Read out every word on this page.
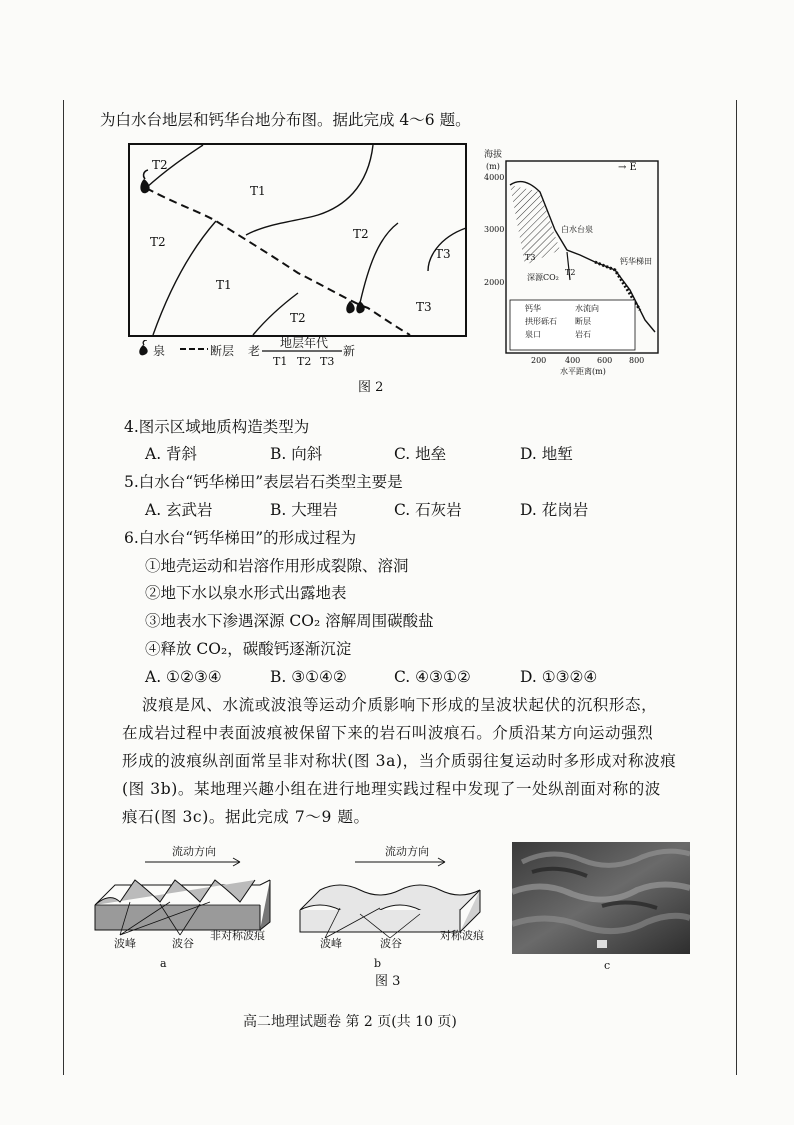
为白水台地层和钙华台地分布图。据此完成 4～6 题。
T2
T1
T2
T2
T3
T1
T2
T3
泉	断层 老
地层年代
新
T1 T2 T3
海拔
(m)
4000
3000
2000
→ E
白水台泉
钙华梯田
深源CO₂
T3
T2
钙华	水流向
拱形砾石 断层
泉口	岩石
200 400 600 800
水平距离(m)
图 2
4.图示区域地质构造类型为
A. 背斜	B. 向斜	C. 地垒	D. 地堑
5.白水台“钙华梯田”表层岩石类型主要是
A. 玄武岩	B. 大理岩	C. 石灰岩	D. 花岗岩
6.白水台“钙华梯田”的形成过程为
①地壳运动和岩溶作用形成裂隙、溶洞
②地下水以泉水形式出露地表
③地表水下渗遇深源 CO₂ 溶解周围碳酸盐
④释放 CO₂，碳酸钙逐渐沉淀
A. ①②③④	B. ③①④②	C. ④③①②	D. ①③②④
波痕是风、水流或波浪等运动介质影响下形成的呈波状起伏的沉积形态，
在成岩过程中表面波痕被保留下来的岩石叫波痕石。介质沿某方向运动强烈
形成的波痕纵剖面常呈非对称状(图 3a)，当介质弱往复运动时多形成对称波痕
(图 3b)。某地理兴趣小组在进行地理实践过程中发现了一处纵剖面对称的波
痕石(图 3c)。据此完成 7～9 题。
流动方向
波峰	波谷
非对称波痕
a
流动方向
波峰	波谷
对称波痕
b	c
图 3
高二地理试题卷 第 2 页(共 10 页)
